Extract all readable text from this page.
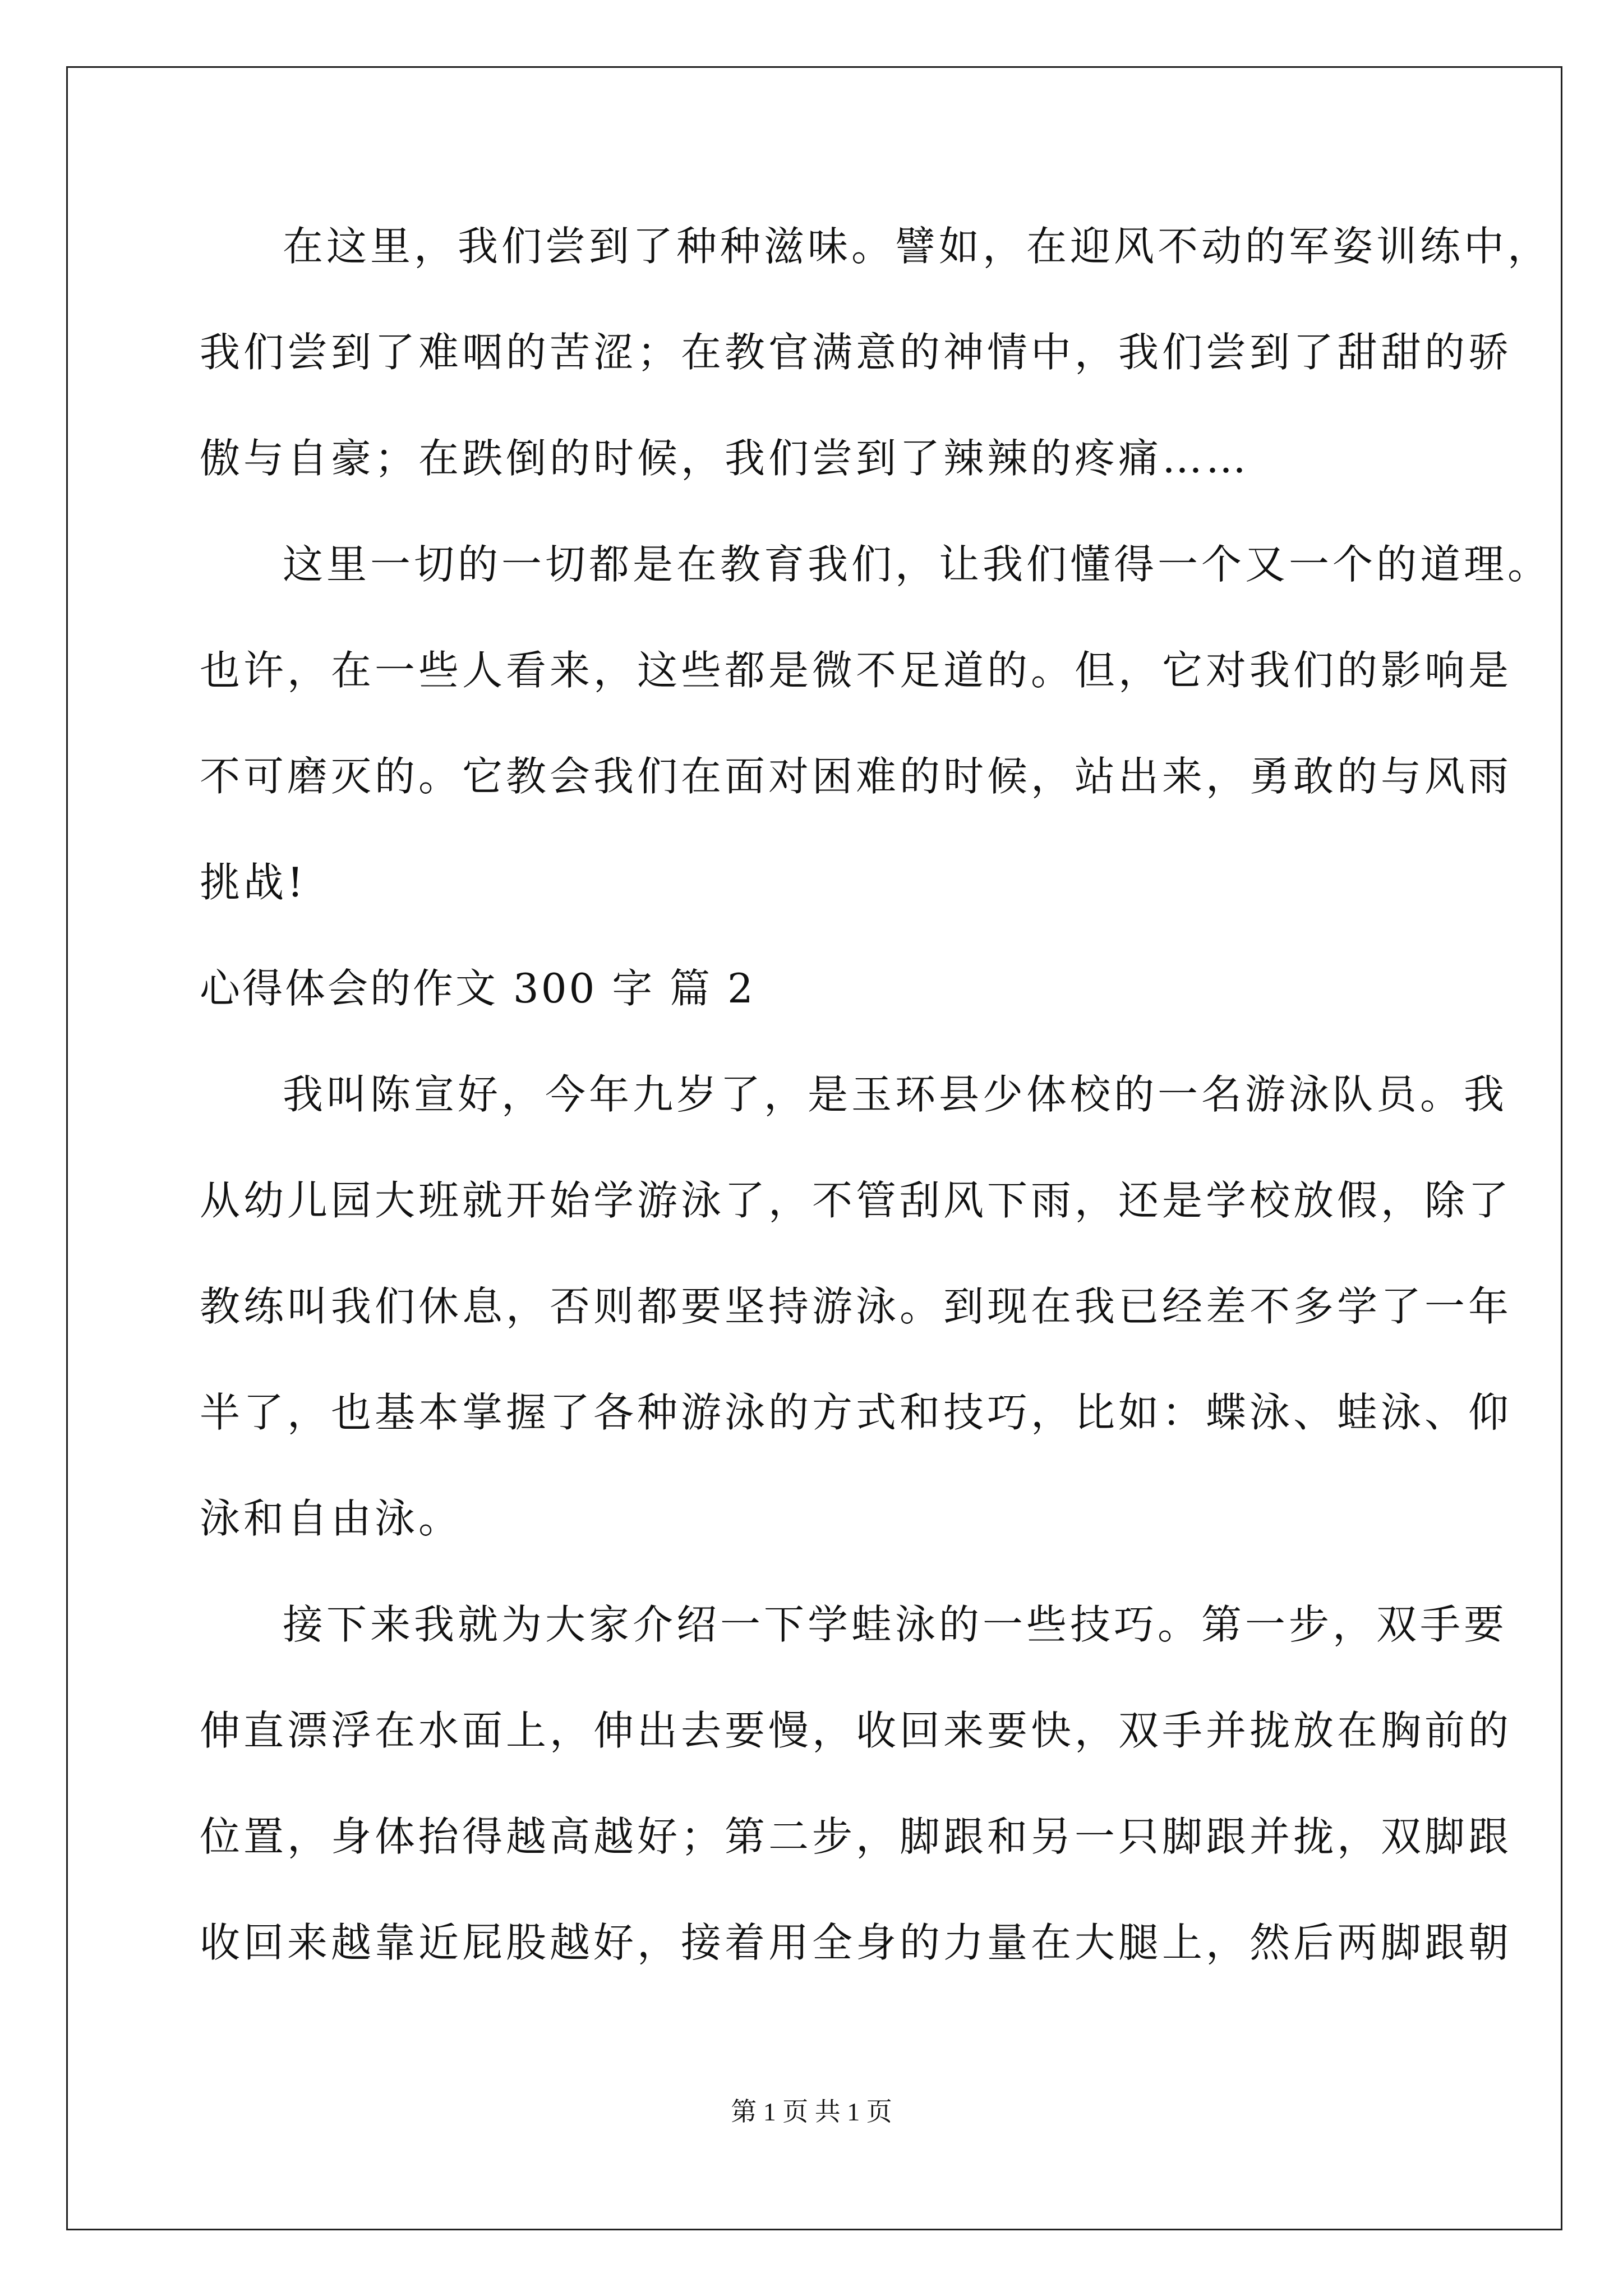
在这里，我们尝到了种种滋味。譬如，在迎风不动的军姿训练中，
我们尝到了难咽的苦涩；在教官满意的神情中，我们尝到了甜甜的骄
傲与自豪；在跌倒的时候，我们尝到了辣辣的疼痛……
这里一切的一切都是在教育我们，让我们懂得一个又一个的道理。
也许，在一些人看来，这些都是微不足道的。但，它对我们的影响是
不可磨灭的。它教会我们在面对困难的时候，站出来，勇敢的与风雨
挑战!
心得体会的作文 300 字 篇 2
我叫陈宣好，今年九岁了，是玉环县少体校的一名游泳队员。我
从幼儿园大班就开始学游泳了，不管刮风下雨，还是学校放假，除了
教练叫我们休息，否则都要坚持游泳。到现在我已经差不多学了一年
半了，也基本掌握了各种游泳的方式和技巧，比如：蝶泳、蛙泳、仰
泳和自由泳。
接下来我就为大家介绍一下学蛙泳的一些技巧。第一步，双手要
伸直漂浮在水面上，伸出去要慢，收回来要快，双手并拢放在胸前的
位置，身体抬得越高越好；第二步，脚跟和另一只脚跟并拢，双脚跟
收回来越靠近屁股越好，接着用全身的力量在大腿上，然后两脚跟朝
第 1 页 共 1 页
